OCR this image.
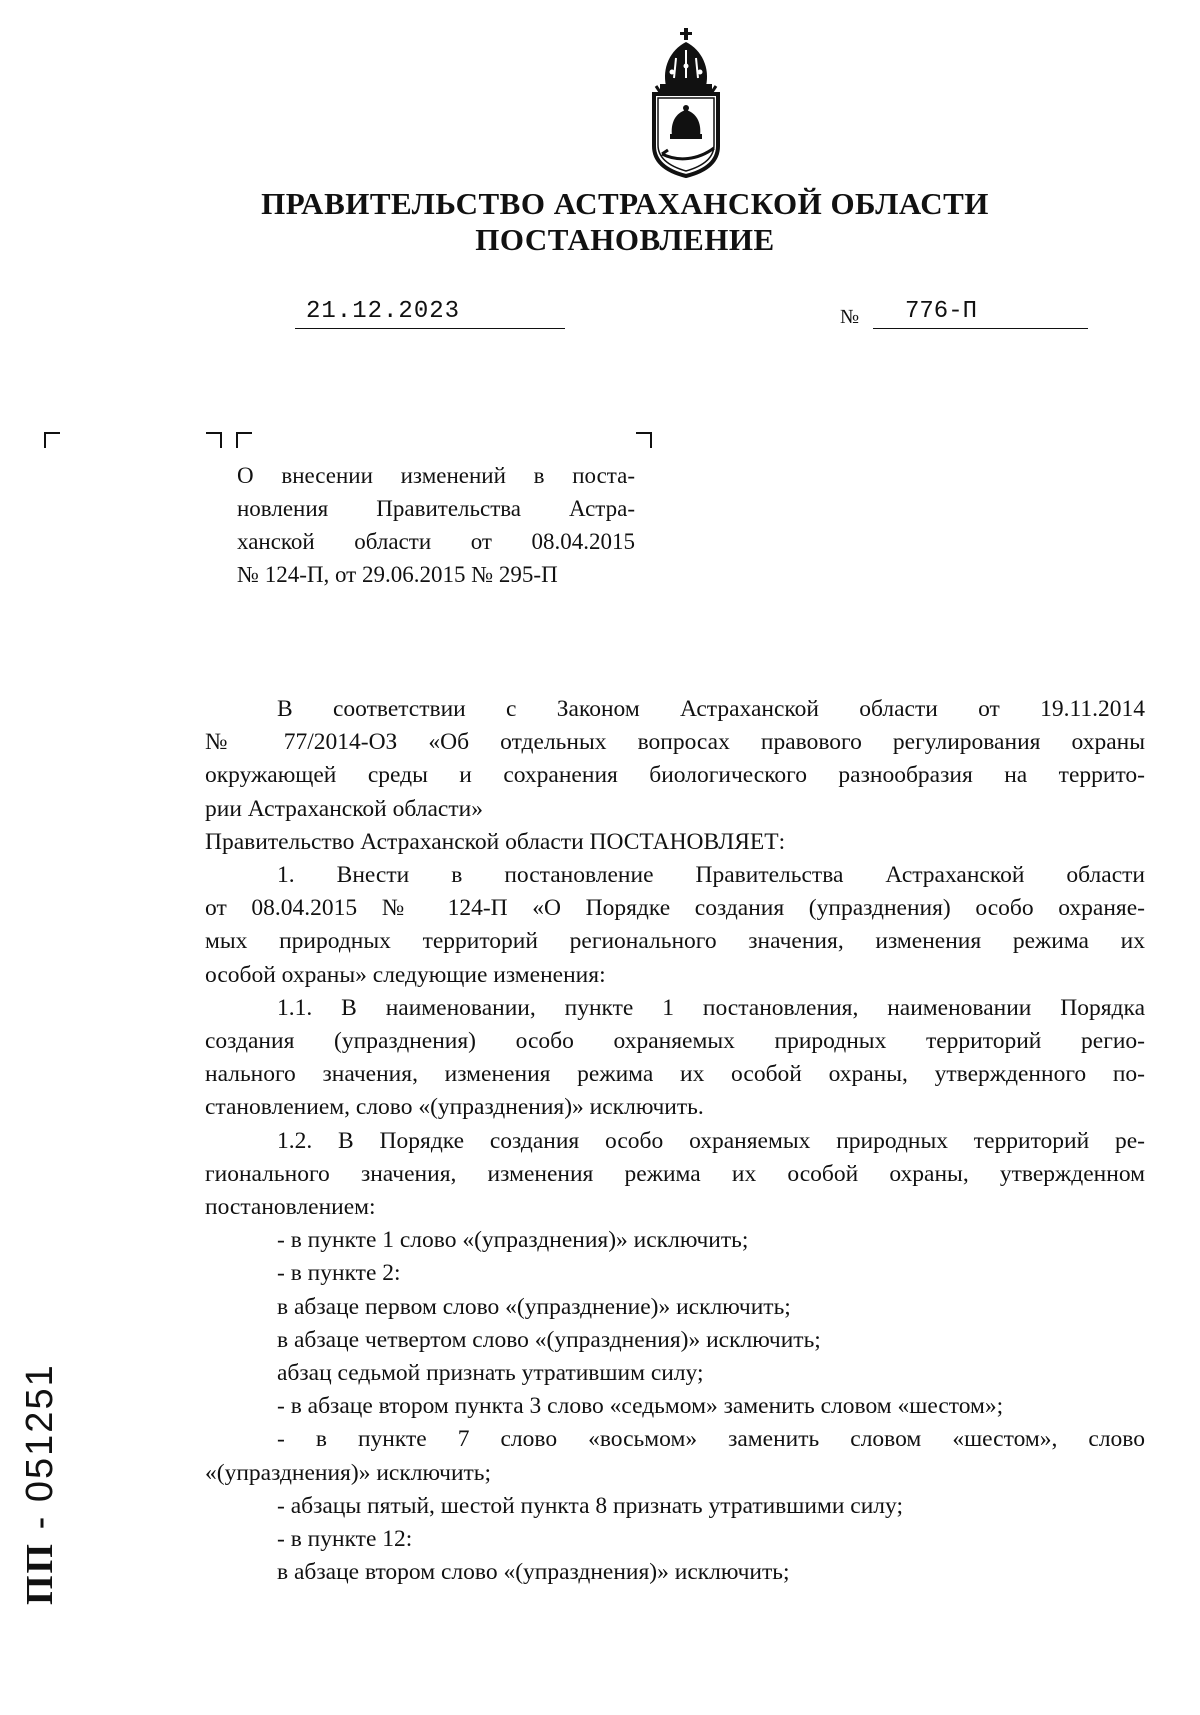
ПРАВИТЕЛЬСТВО АСТРАХАНСКОЙ ОБЛАСТИ
ПОСТАНОВЛЕНИЕ
21.12.2023	№ 776-П
О внесении изменений в поста-
новления Правительства Астра-
ханской области от 08.04.2015
№ 124-П, от 29.06.2015 № 295-П
В соответствии с Законом Астраханской области от 19.11.2014
№ 77/2014-ОЗ «Об отдельных вопросах правового регулирования охраны
окружающей среды и сохранения биологического разнообразия на террито-
рии Астраханской области»
Правительство Астраханской области ПОСТАНОВЛЯЕТ:
1. Внести в постановление Правительства Астраханской области
от 08.04.2015 № 124-П «О Порядке создания (упразднения) особо охраняе-
мых природных территорий регионального значения, изменения режима их
особой охраны» следующие изменения:
1.1. В наименовании, пункте 1 постановления, наименовании Порядка
создания (упразднения) особо охраняемых природных территорий регио-
нального значения, изменения режима их особой охраны, утвержденного по-
становлением, слово «(упразднения)» исключить.
1.2. В Порядке создания особо охраняемых природных территорий ре-
гионального значения, изменения режима их особой охраны, утвержденном
постановлением:
- в пункте 1 слово «(упразднения)» исключить;
- в пункте 2:
в абзаце первом слово «(упразднение)» исключить;
в абзаце четвертом слово «(упразднения)» исключить;
абзац седьмой признать утратившим силу;
- в абзаце втором пункта 3 слово «седьмом» заменить словом «шестом»;
- в пункте 7 слово «восьмом» заменить словом «шестом», слово
«(упразднения)» исключить;
- абзацы пятый, шестой пункта 8 признать утратившими силу;
- в пункте 12:
в абзаце втором слово «(упразднения)» исключить;
ПП - 051251
